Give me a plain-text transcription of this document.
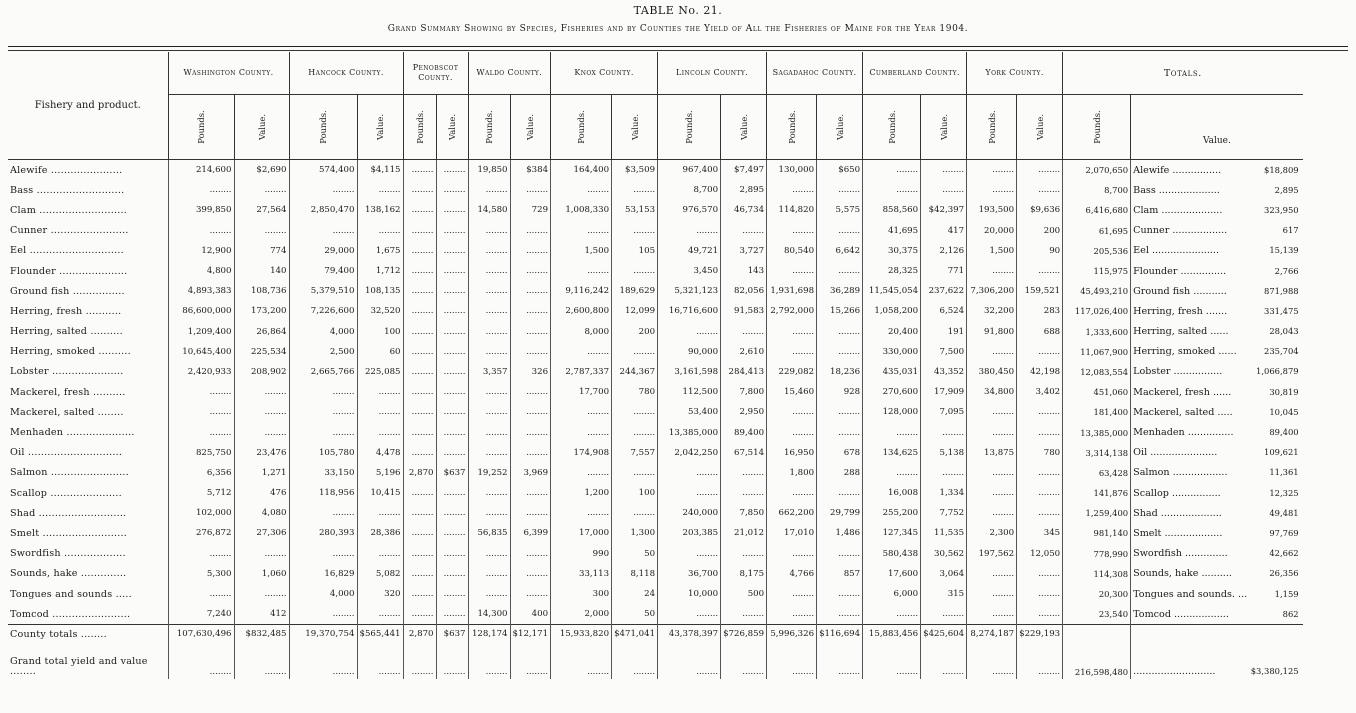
TABLE No. 21.
Grand Summary Showing by Species, Fisheries and by Counties the Yield of All the Fisheries of Maine for the Year 1904.
Fishery and product.	Washington County.		Hancock County.		Penobscot County.		Waldo County.		Knox County.		Lincoln County.		Sagadahoc County.		Cumberland County.		York County.		Totals.	

	Pounds.	Value.	Pounds.	Value.	Pounds.	Value.	Pounds.	Value.	Pounds.	Value.	Pounds.	Value.	Pounds.	Value.	Pounds.	Value.	Pounds.	Value.	Pounds.	Value.
Alewife ......................	214,600	$2,690	574,400	$4,115	........	........	19,850	$384	164,400	$3,509	967,400	$7,497	130,000	$650	........	........	........	........	2,070,650	Alewife ................ $18,809

Bass ...........................	........	........	........	........	........	........	........	........	........	........	8,700	2,895	........	........	........	........	........	........	8,700	Bass .................... 2,895

Clam ...........................	399,850	27,564	2,850,470	138,162	........	........	14,580	729	1,008,330	53,153	976,570	46,734	114,820	5,575	858,560	$42,397	193,500	$9,636	6,416,680	Clam .................... 323,950

Cunner ........................	........	........	........	........	........	........	........	........	........	........	........	........	........	........	41,695	417	20,000	200	61,695	Cunner .................. 617

Eel .............................	12,900	774	29,000	1,675	........	........	........	........	1,500	105	49,721	3,727	80,540	6,642	30,375	2,126	1,500	90	205,536	Eel ...................... 15,139

Flounder .....................	4,800	140	79,400	1,712	........	........	........	........	........	........	3,450	143	........	........	28,325	771	........	........	115,975	Flounder ............... 2,766

Ground fish ................	4,893,383	108,736	5,379,510	108,135	........	........	........	........	9,116,242	189,629	5,321,123	82,056	1,931,698	36,289	11,545,054	237,622	7,306,200	159,521	45,493,210	Ground fish ........... 871,988

Herring, fresh ...........	86,600,000	173,200	7,226,600	32,520	........	........	........	........	2,600,800	12,099	16,716,600	91,583	2,792,000	15,266	1,058,200	6,524	32,200	283	117,026,400	Herring, fresh ....... 331,475

Herring, salted ..........	1,209,400	26,864	4,000	100	........	........	........	........	8,000	200	........	........	........	........	20,400	191	91,800	688	1,333,600	Herring, salted ...... 28,043

Herring, smoked ..........	10,645,400	225,534	2,500	60	........	........	........	........	........	........	90,000	2,610	........	........	330,000	7,500	........	........	11,067,900	Herring, smoked ...... 235,704

Lobster ......................	2,420,933	208,902	2,665,766	225,085	........	........	3,357	326	2,787,337	244,367	3,161,598	284,413	229,082	18,236	435,031	43,352	380,450	42,198	12,083,554	Lobster ................ 1,066,879

Mackerel, fresh ..........	........	........	........	........	........	........	........	........	17,700	780	112,500	7,800	15,460	928	270,600	17,909	34,800	3,402	451,060	Mackerel, fresh ...... 30,819

Mackerel, salted ........	........	........	........	........	........	........	........	........	........	........	53,400	2,950	........	........	128,000	7,095	........	........	181,400	Mackerel, salted ..... 10,045

Menhaden .....................	........	........	........	........	........	........	........	........	........	........	13,385,000	89,400	........	........	........	........	........	........	13,385,000	Menhaden ............... 89,400

Oil .............................	825,750	23,476	105,780	4,478	........	........	........	........	174,908	7,557	2,042,250	67,514	16,950	678	134,625	5,138	13,875	780	3,314,138	Oil ...................... 109,621

Salmon ........................	6,356	1,271	33,150	5,196	2,870	$637	19,252	3,969	........	........	........	........	1,800	288	........	........	........	........	63,428	Salmon .................. 11,361

Scallop ......................	5,712	476	118,956	10,415	........	........	........	........	1,200	100	........	........	........	........	16,008	1,334	........	........	141,876	Scallop ................ 12,325

Shad ...........................	102,000	4,080	........	........	........	........	........	........	........	........	240,000	7,850	662,200	29,799	255,200	7,752	........	........	1,259,400	Shad .................... 49,481

Smelt ..........................	276,872	27,306	280,393	28,386	........	........	56,835	6,399	17,000	1,300	203,385	21,012	17,010	1,486	127,345	11,535	2,300	345	981,140	Smelt ................... 97,769

Swordfish ...................	........	........	........	........	........	........	........	........	990	50	........	........	........	........	580,438	30,562	197,562	12,050	778,990	Swordfish .............. 42,662

Sounds, hake ..............	5,300	1,060	16,829	5,082	........	........	........	........	33,113	8,118	36,700	8,175	4,766	857	17,600	3,064	........	........	114,308	Sounds, hake .......... 26,356

Tongues and sounds .....	........	........	4,000	320	........	........	........	........	300	24	10,000	500	........	........	6,000	315	........	........	20,300	Tongues and sounds. ... 1,159

Tomcod ........................	7,240	412	........	........	........	........	14,300	400	2,000	50	........	........	........	........	........	........	........	........	23,540	Tomcod .................. 862

County totals ........	107,630,496	$832,485	19,370,754	$565,441	2,870	$637	128,174	$12,171	15,933,820	$471,041	43,378,397	$726,859	5,996,326	$116,694	15,883,456	$425,604	8,274,187	$229,193		
Grand total yield and value ........	........	........	........	........	........	........	........	........	........	........	........	........	........	........	........	........	........	........	216,598,480	........................... $3,380,125
